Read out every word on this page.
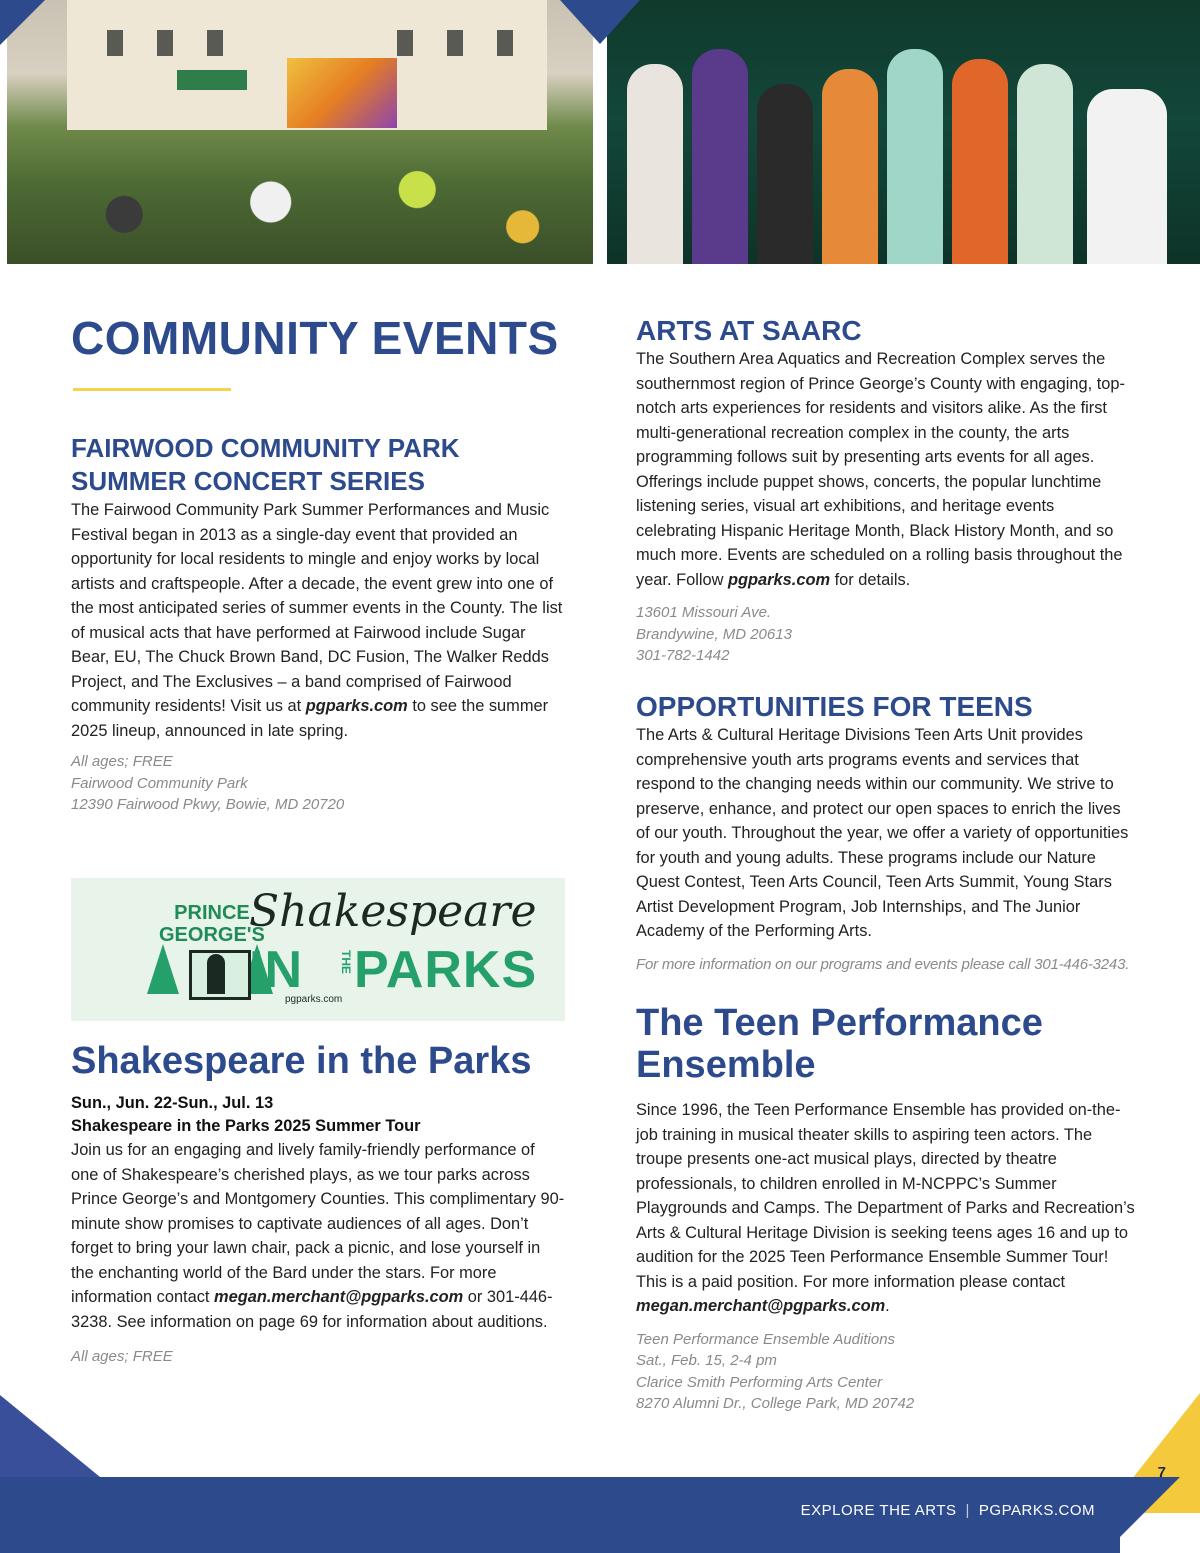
COMMUNITY EVENTS
FAIRWOOD COMMUNITY PARK
SUMMER CONCERT SERIES

The Fairwood Community Park Summer Performances and Music Festival began in 2013 as a single-day event that provided an opportunity for local residents to mingle and enjoy works by local artists and craftspeople. After a decade, the event grew into one of the most anticipated series of summer events in the County. The list of musical acts that have performed at Fairwood include Sugar Bear, EU, The Chuck Brown Band, DC Fusion, The Walker Redds Project, and The Exclusives – a band comprised of Fairwood community residents! Visit us at pgparks.com to see the summer 2025 lineup, announced in late spring.

All ages; FREE
Fairwood Community Park
12390 Fairwood Pkwy, Bowie, MD 20720

PRINCE
GEORGE'S
Shakespeare
IN	THE PARKS
pgparks.com
Shakespeare in the Parks
Sun., Jun. 22-Sun., Jul. 13
Shakespeare in the Parks 2025 Summer Tour

Join us for an engaging and lively family-friendly performance of one of Shakespeare’s cherished plays, as we tour parks across Prince George’s and Montgomery Counties. This complimentary 90-minute show promises to captivate audiences of all ages. Don’t forget to bring your lawn chair, pack a picnic, and lose yourself in the enchanting world of the Bard under the stars. For more information contact megan.merchant@pgparks.com or 301-446-3238. See information on page 69 for information about auditions.

All ages; FREE

ARTS AT SAARC

The Southern Area Aquatics and Recreation Complex serves the southernmost region of Prince George’s County with engaging, top-notch arts experiences for residents and visitors alike. As the first multi-generational recreation complex in the county, the arts programming follows suit by presenting arts events for all ages. Offerings include puppet shows, concerts, the popular lunchtime listening series, visual art exhibitions, and heritage events celebrating Hispanic Heritage Month, Black History Month, and so much more. Events are scheduled on a rolling basis throughout the year. Follow pgparks.com for details.

13601 Missouri Ave.
Brandywine, MD 20613
301-782-1442

OPPORTUNITIES FOR TEENS

The Arts & Cultural Heritage Divisions Teen Arts Unit provides comprehensive youth arts programs events and services that respond to the changing needs within our community. We strive to preserve, enhance, and protect our open spaces to enrich the lives of our youth. Throughout the year, we offer a variety of opportunities for youth and young adults. These programs include our Nature Quest Contest, Teen Arts Council, Teen Arts Summit, Young Stars Artist Development Program, Job Internships, and The Junior Academy of the Performing Arts.

For more information on our programs and events please call 301-446-3243.

The Teen Performance
Ensemble

Since 1996, the Teen Performance Ensemble has provided on-the-job training in musical theater skills to aspiring teen actors. The troupe presents one-act musical plays, directed by theatre professionals, to children enrolled in M-NCPPC’s Summer Playgrounds and Camps. The Department of Parks and Recreation’s Arts & Cultural Heritage Division is seeking teens ages 16 and up to audition for the 2025 Teen Performance Ensemble Summer Tour! This is a paid position. For more information please contact megan.merchant@pgparks.com.

Teen Performance Ensemble Auditions
Sat., Feb. 15, 2-4 pm
Clarice Smith Performing Arts Center
8270 Alumni Dr., College Park, MD 20742

7
EXPLORE THE ARTS | PGPARKS.COM
